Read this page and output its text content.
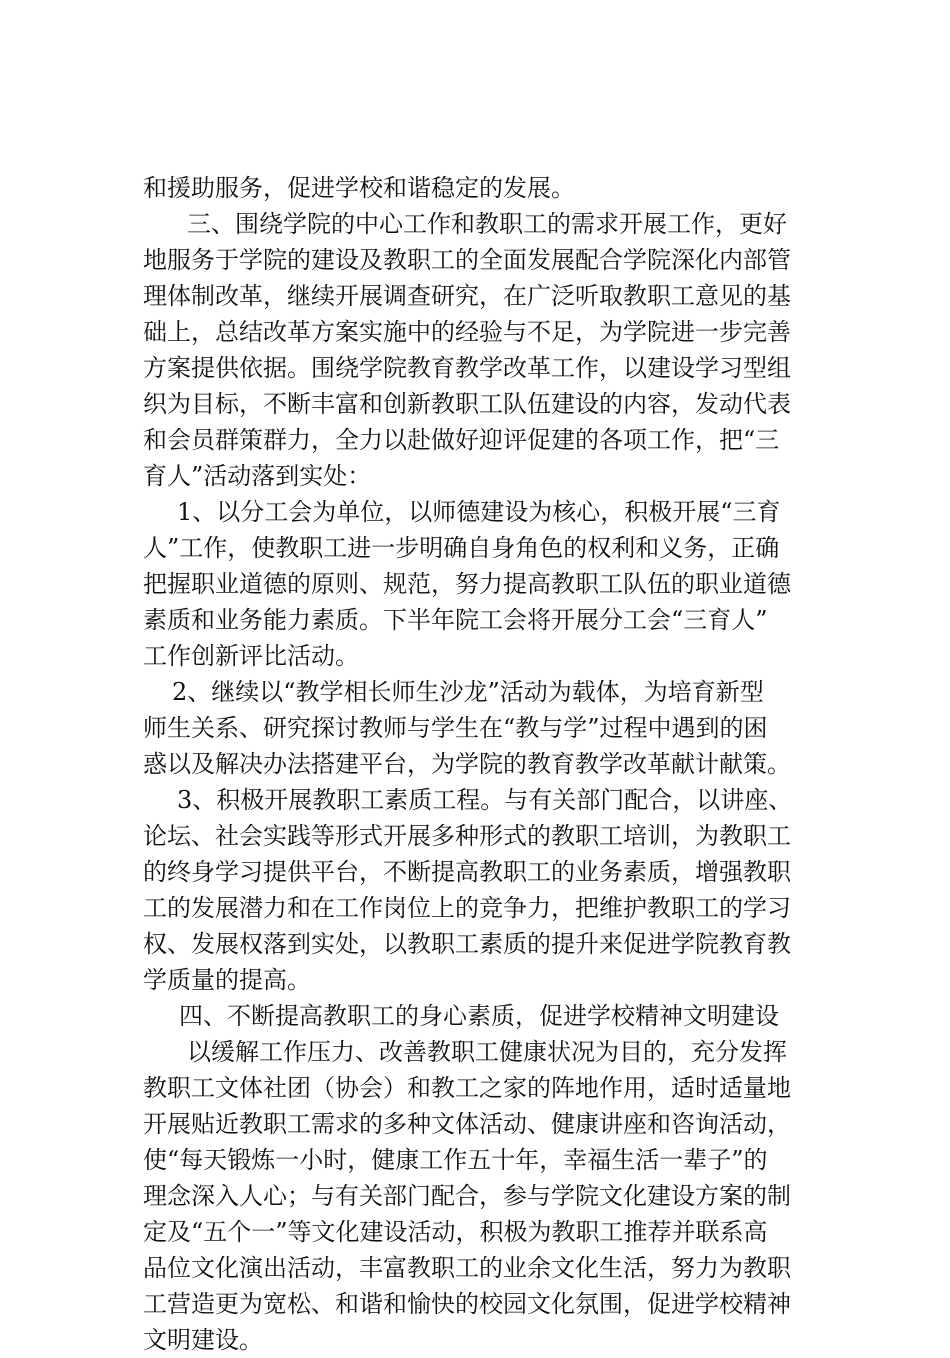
和援助服务，促进学校和谐稳定的发展。
　三、围绕学院的中心工作和教职工的需求开展工作，更好
地服务于学院的建设及教职工的全面发展配合学院深化内部管
理体制改革，继续开展调查研究，在广泛听取教职工意见的基
础上，总结改革方案实施中的经验与不足，为学院进一步完善
方案提供依据。围绕学院教育教学改革工作，以建设学习型组
织为目标，不断丰富和创新教职工队伍建设的内容，发动代表
和会员群策群力，全力以赴做好迎评促建的各项工作，把“三
育人”活动落到实处：
　1、以分工会为单位，以师德建设为核心，积极开展“三育
人”工作，使教职工进一步明确自身角色的权利和义务，正确
把握职业道德的原则、规范，努力提高教职工队伍的职业道德
素质和业务能力素质。下半年院工会将开展分工会“三育人”
工作创新评比活动。
　2、继续以“教学相长师生沙龙”活动为载体，为培育新型
师生关系、研究探讨教师与学生在“教与学”过程中遇到的困
惑以及解决办法搭建平台，为学院的教育教学改革献计献策。
　3、积极开展教职工素质工程。与有关部门配合，以讲座、
论坛、社会实践等形式开展多种形式的教职工培训，为教职工
的终身学习提供平台，不断提高教职工的业务素质，增强教职
工的发展潜力和在工作岗位上的竞争力，把维护教职工的学习
权、发展权落到实处，以教职工素质的提升来促进学院教育教
学质量的提高。
　四、不断提高教职工的身心素质，促进学校精神文明建设
　以缓解工作压力、改善教职工健康状况为目的，充分发挥
教职工文体社团（协会）和教工之家的阵地作用，适时适量地
开展贴近教职工需求的多种文体活动、健康讲座和咨询活动，
使“每天锻炼一小时，健康工作五十年，幸福生活一辈子”的
理念深入人心；与有关部门配合，参与学院文化建设方案的制
定及“五个一”等文化建设活动，积极为教职工推荐并联系高
品位文化演出活动，丰富教职工的业余文化生活，努力为教职
工营造更为宽松、和谐和愉快的校园文化氛围，促进学校精神
文明建设。
